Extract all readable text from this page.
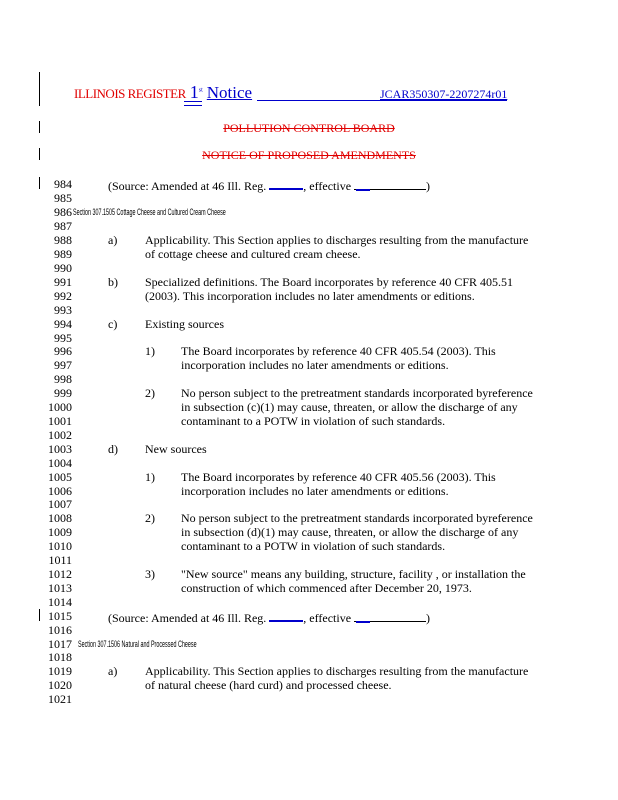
ILLINOIS REGISTER 1st Notice	JCAR350307-2207274r01
POLLUTION CONTROL BOARD
NOTICE OF PROPOSED AMENDMENTS
984
985
986
987
988
989
990
991
992
993
994
995
996
997
998
999
1000
1001
1002
1003
1004
1005
1006
1007
1008
1009
1010
1011
1012
1013
1014
1015
1016
1017
1018
1019
1020
1021
(Source: Amended at 46 Ill. Reg.	, effective	)
Section 307.1505 Cottage Cheese and Cultured Cream Cheese
a) Applicability. This Section applies to discharges resulting from the manufacture
of cottage cheese and cultured cream cheese.
b) Specialized definitions. The Board incorporates by reference 40 CFR 405.51
(2003). This incorporation includes no later amendments or editions.
c) Existing sources
1) The Board incorporates by reference 40 CFR 405.54 (2003). This
incorporation includes no later amendments or editions.
2) No person subject to the pretreatment standards incorporated byreference
in subsection (c)(1) may cause, threaten, or allow the discharge of any
contaminant to a POTW in violation of such standards.
d) New sources
1) The Board incorporates by reference 40 CFR 405.56 (2003). This
incorporation includes no later amendments or editions.
2) No person subject to the pretreatment standards incorporated byreference
in subsection (d)(1) may cause, threaten, or allow the discharge of any
contaminant to a POTW in violation of such standards.
3) "New source" means any building, structure, facility , or installation the
construction of which commenced after December 20, 1973.
(Source: Amended at 46 Ill. Reg.	, effective	)
Section 307.1506 Natural and Processed Cheese
a) Applicability. This Section applies to discharges resulting from the manufacture
of natural cheese (hard curd) and processed cheese.
